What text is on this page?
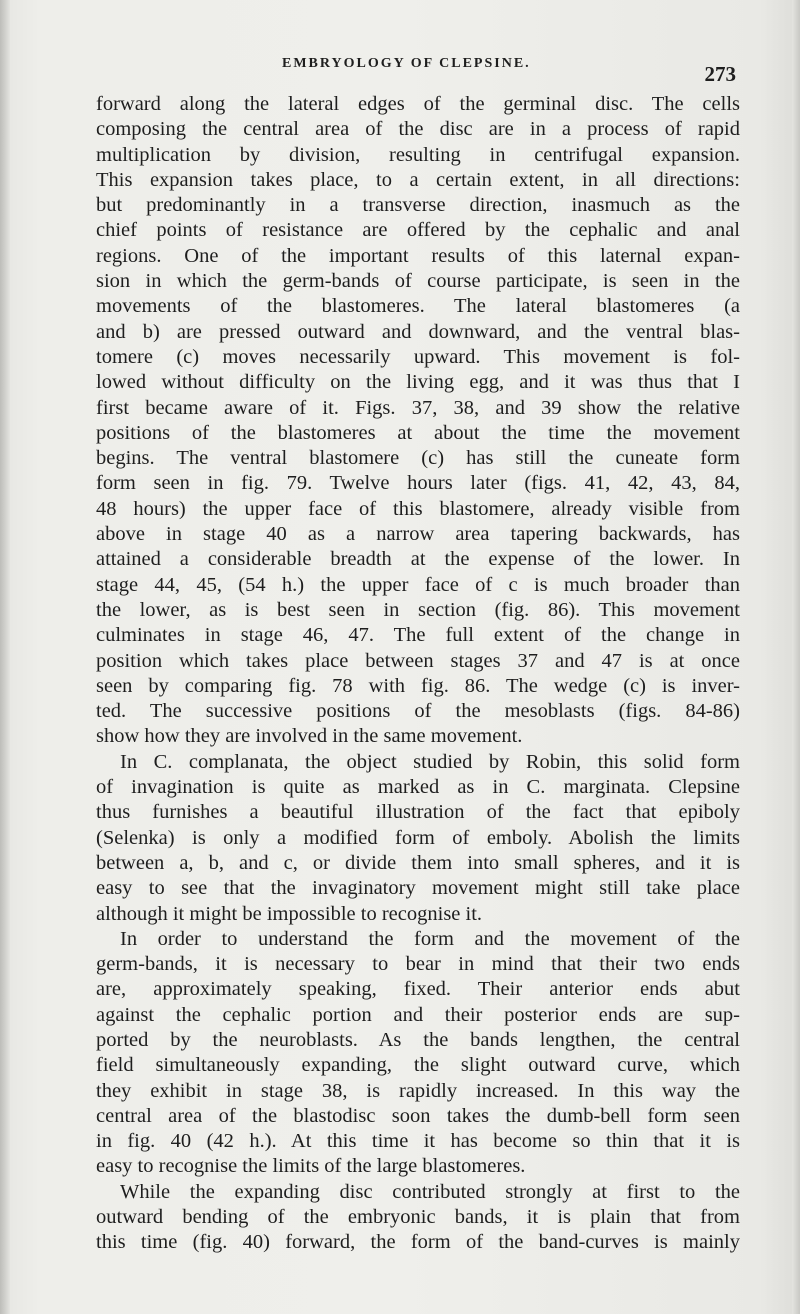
EMBRYOLOGY OF CLEPSINE.	273
forward along the lateral edges of the germinal disc. The cells
composing the central area of the disc are in a process of rapid
multiplication by division, resulting in centrifugal expansion.
This expansion takes place, to a certain extent, in all directions:
but predominantly in a transverse direction, inasmuch as the
chief points of resistance are offered by the cephalic and anal
regions. One of the important results of this laternal expan-
sion in which the germ-bands of course participate, is seen in the
movements of the blastomeres. The lateral blastomeres (a
and b) are pressed outward and downward, and the ventral blas-
tomere (c) moves necessarily upward. This movement is fol-
lowed without difficulty on the living egg, and it was thus that I
first became aware of it. Figs. 37, 38, and 39 show the relative
positions of the blastomeres at about the time the movement
begins. The ventral blastomere (c) has still the cuneate form
form seen in fig. 79. Twelve hours later (figs. 41, 42, 43, 84,
48 hours) the upper face of this blastomere, already visible from
above in stage 40 as a narrow area tapering backwards, has
attained a considerable breadth at the expense of the lower. In
stage 44, 45, (54 h.) the upper face of c is much broader than
the lower, as is best seen in section (fig. 86). This movement
culminates in stage 46, 47. The full extent of the change in
position which takes place between stages 37 and 47 is at once
seen by comparing fig. 78 with fig. 86. The wedge (c) is inver-
ted. The successive positions of the mesoblasts (figs. 84-86)
show how they are involved in the same movement.
In C. complanata, the object studied by Robin, this solid form
of invagination is quite as marked as in C. marginata. Clepsine
thus furnishes a beautiful illustration of the fact that epiboly
(Selenka) is only a modified form of emboly. Abolish the limits
between a, b, and c, or divide them into small spheres, and it is
easy to see that the invaginatory movement might still take place
although it might be impossible to recognise it.
In order to understand the form and the movement of the
germ-bands, it is necessary to bear in mind that their two ends
are, approximately speaking, fixed. Their anterior ends abut
against the cephalic portion and their posterior ends are sup-
ported by the neuroblasts. As the bands lengthen, the central
field simultaneously expanding, the slight outward curve, which
they exhibit in stage 38, is rapidly increased. In this way the
central area of the blastodisc soon takes the dumb-bell form seen
in fig. 40 (42 h.). At this time it has become so thin that it is
easy to recognise the limits of the large blastomeres.
While the expanding disc contributed strongly at first to the
outward bending of the embryonic bands, it is plain that from
this time (fig. 40) forward, the form of the band-curves is mainly
